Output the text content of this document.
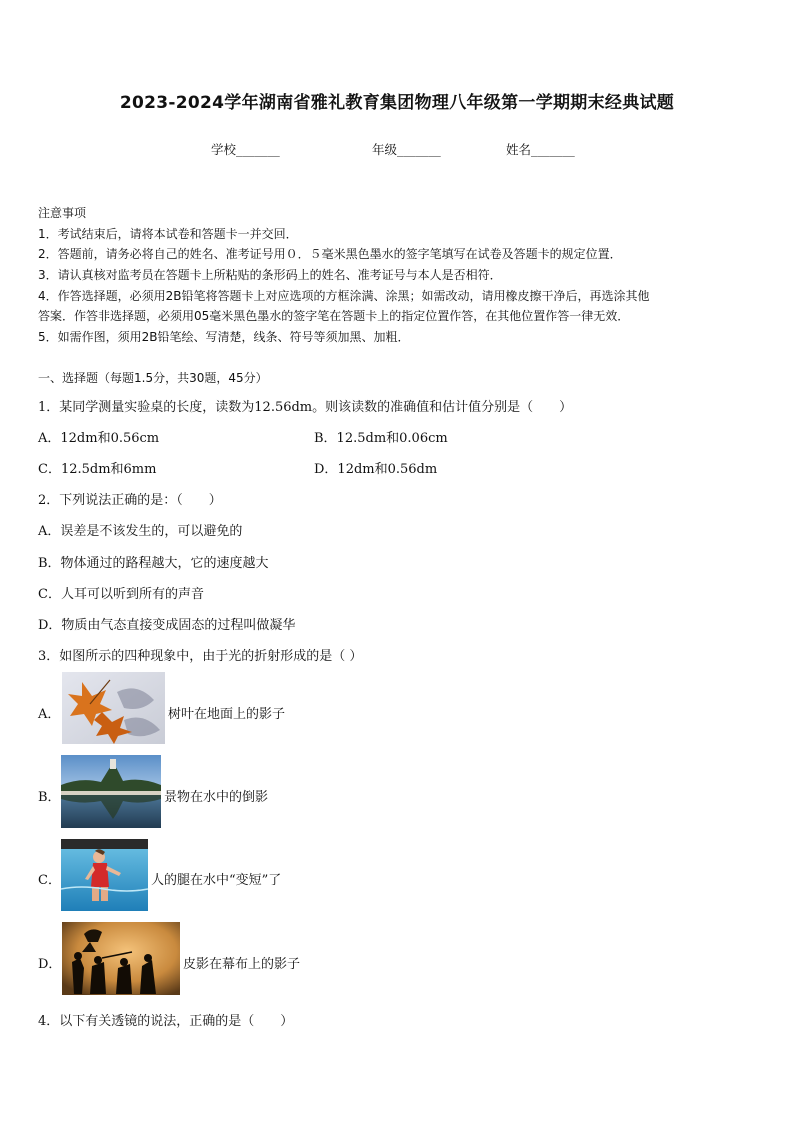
2023-2024学年湖南省雅礼教育集团物理八年级第一学期期末经典试题
学校_______	年级_______	姓名_______
注意事项
1．考试结束后，请将本试卷和答题卡一并交回．
2．答题前，请务必将自己的姓名、准考证号用０．５毫米黑色墨水的签字笔填写在试卷及答题卡的规定位置．
3．请认真核对监考员在答题卡上所粘贴的条形码上的姓名、准考证号与本人是否相符．
4．作答选择题，必须用2B铅笔将答题卡上对应选项的方框涂满、涂黑；如需改动，请用橡皮擦干净后，再选涂其他
答案．作答非选择题，必须用05毫米黑色墨水的签字笔在答题卡上的指定位置作答，在其他位置作答一律无效．
5．如需作图，须用2B铅笔绘、写清楚，线条、符号等须加黑、加粗．
一、选择题（每题1.5分，共30题，45分）
1．某同学测量实验桌的长度，读数为12.56dm。则该读数的准确值和估计值分别是（　　）
A．12dm和0.56cm	B．12.5dm和0.06cm
C．12.5dm和6mm	D．12dm和0.56dm
2．下列说法正确的是：（　　）
A．误差是不该发生的，可以避免的
B．物体通过的路程越大，它的速度越大
C．人耳可以听到所有的声音
D．物质由气态直接变成固态的过程叫做凝华
3．如图所示的四种现象中，由于光的折射形成的是（ ）
A．	树叶在地面上的影子
B．	景物在水中的倒影
C．	人的腿在水中“变短”了
D．	皮影在幕布上的影子
4．以下有关透镜的说法，正确的是（　　）
